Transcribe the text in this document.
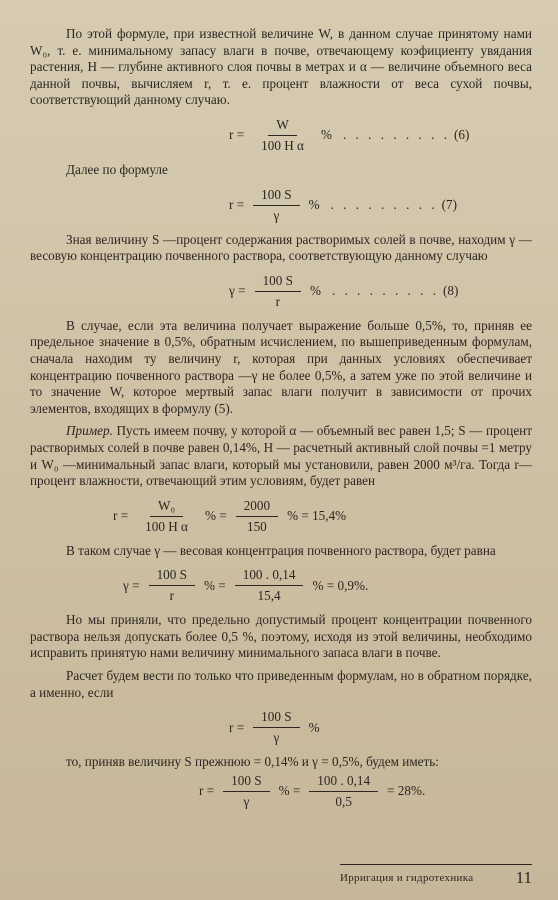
По этой формуле, при известной величине W, в данном случае принятому нами W₀, т. е. минимальному запасу влаги в почве, отвечающему коэфициенту увядания растения, H — глубине активного слоя почвы в метрах и α — величине объемного веса данной почвы, вычисляем r, т. е. процент влажности от веса сухой почвы, соответствующий данному случаю.

$r = \frac{W}{\text{100 H α}}$ % . . . . . . . . . (6)

Далее по формуле

$r = \frac{100 S}{\gamma}$ % . . . . . . . . . (7)

Зная величину S —процент содержания растворимых солей в почве, находим γ —весовую концентрацию почвенного раствора, соответствующую данному случаю

$\gamma = \frac{100 S}{r}$ % . . . . . . . . . (8)

В случае, если эта величина получает выражение больше 0,5%, то, приняв ее предельное значение в 0,5%, обратным исчислением, по вышеприведенным формулам, сначала находим ту величину r, которая при данных условиях обеспечивает концентрацию почвенного раствора —γ не более 0,5%, а затем уже по этой величине и то значение W, которое мертвый запас влаги получит в зависимости от прочих элементов, входящих в формулу (5).

Пример. Пусть имеем почву, у которой α — объемный вес равен 1,5; S — процент растворимых солей в почве равен 0,14%, H — расчетный активный слой почвы =1 метру и W₀ —минимальный запас влаги, который мы установили, равен 2000 м³/га. Тогда r—процент влажности, отвечающий этим условиям, будет равен

$r = \frac{\text{W₀}}{\text{100 H α}}$ % = $\frac{2000}{150}$ % = 15,4%

В таком случае γ — весовая концентрация почвенного раствора, будет равна

$\gamma = \frac{100 S}{r}$ % = $\frac{100 . 0,14}{15,4}$ % = 0,9%.

Но мы приняли, что предельно допустимый процент концентрации почвенного раствора нельзя допускать более 0,5 %, поэтому, исходя из этой величины, необходимо исправить принятую нами величину минимального запаса влаги в почве.

Расчет будем вести по только что приведенным формулам, но в обратном порядке, а именно, если

$r = \frac{100 S}{\gamma}$ %

то, приняв величину S прежнюю = 0,14% и γ = 0,5%, будем иметь:

$r = \frac{100 S}{\gamma}$ % = $\frac{100 . 0,14}{0,5} = 28\%$.
Ирригация и гидротехника 11
